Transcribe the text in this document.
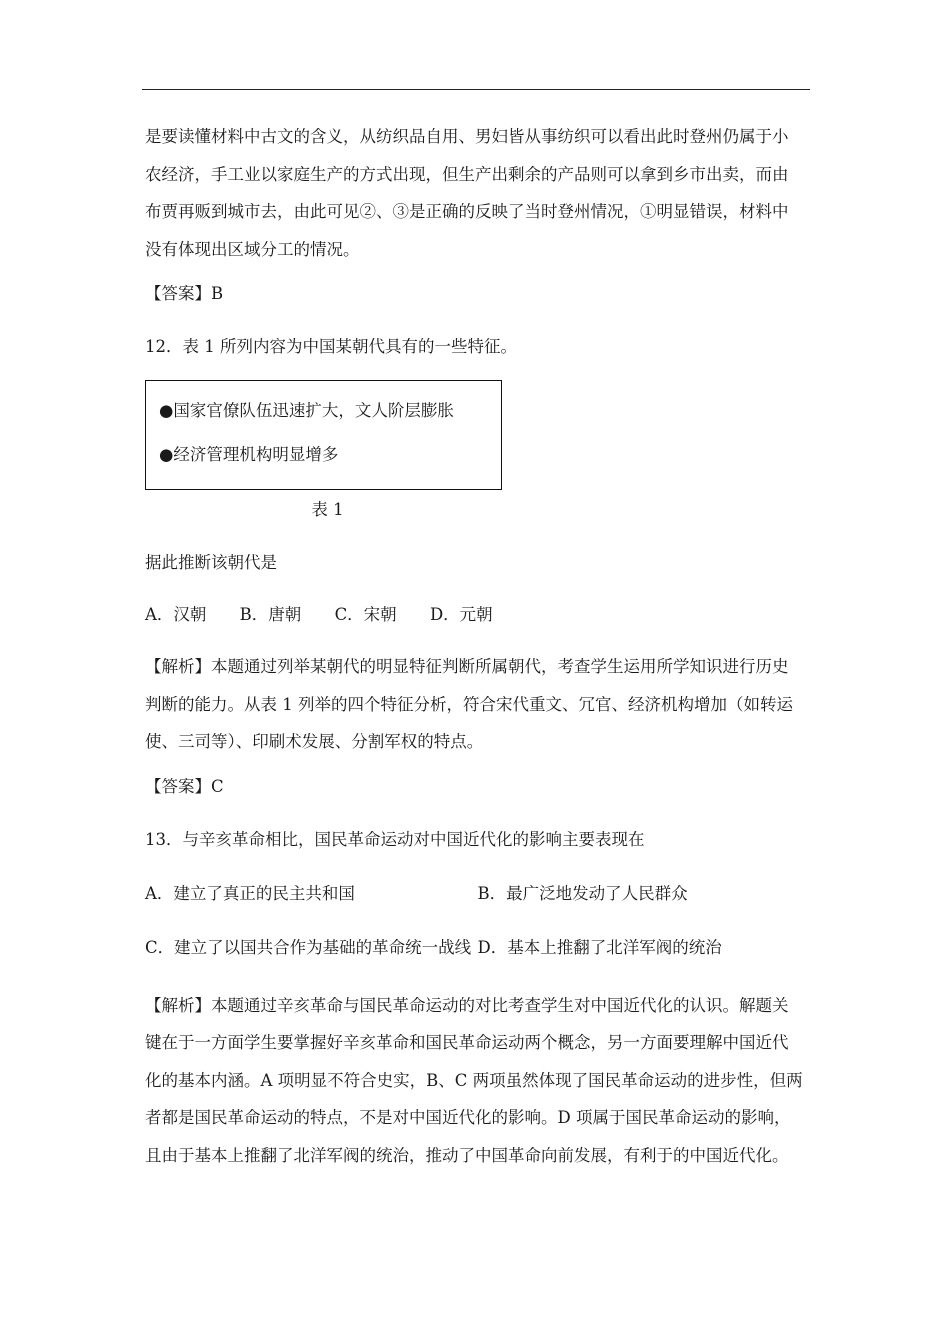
是要读懂材料中古文的含义，从纺织品自用、男妇皆从事纺织可以看出此时登州仍属于小

农经济，手工业以家庭生产的方式出现，但生产出剩余的产品则可以拿到乡市出卖，而由

布贾再贩到城市去，由此可见②、③是正确的反映了当时登州情况，①明显错误，材料中

没有体现出区域分工的情况。

【答案】B
12．表 1 所列内容为中国某朝代具有的一些特征。
●国家官僚队伍迅速扩大，文人阶层膨胀
●经济管理机构明显增多
表 1
据此推断该朝代是
A．汉朝 B．唐朝 C．宋朝 D．元朝

【解析】本题通过列举某朝代的明显特征判断所属朝代，考查学生运用所学知识进行历史

判断的能力。从表 1 列举的四个特征分析，符合宋代重文、冗官、经济机构增加（如转运

使、三司等）、印刷术发展、分割军权的特点。

【答案】C
13．与辛亥革命相比，国民革命运动对中国近代化的影响主要表现在
A．建立了真正的民主共和国	B．最广泛地发动了人民群众
C．建立了以国共合作为基础的革命统一战线 D．基本上推翻了北洋军阀的统治

【解析】本题通过辛亥革命与国民革命运动的对比考查学生对中国近代化的认识。解题关

键在于一方面学生要掌握好辛亥革命和国民革命运动两个概念，另一方面要理解中国近代

化的基本内涵。A 项明显不符合史实，B、C 两项虽然体现了国民革命运动的进步性，但两

者都是国民革命运动的特点，不是对中国近代化的影响。D 项属于国民革命运动的影响，

且由于基本上推翻了北洋军阀的统治，推动了中国革命向前发展，有利于的中国近代化。
